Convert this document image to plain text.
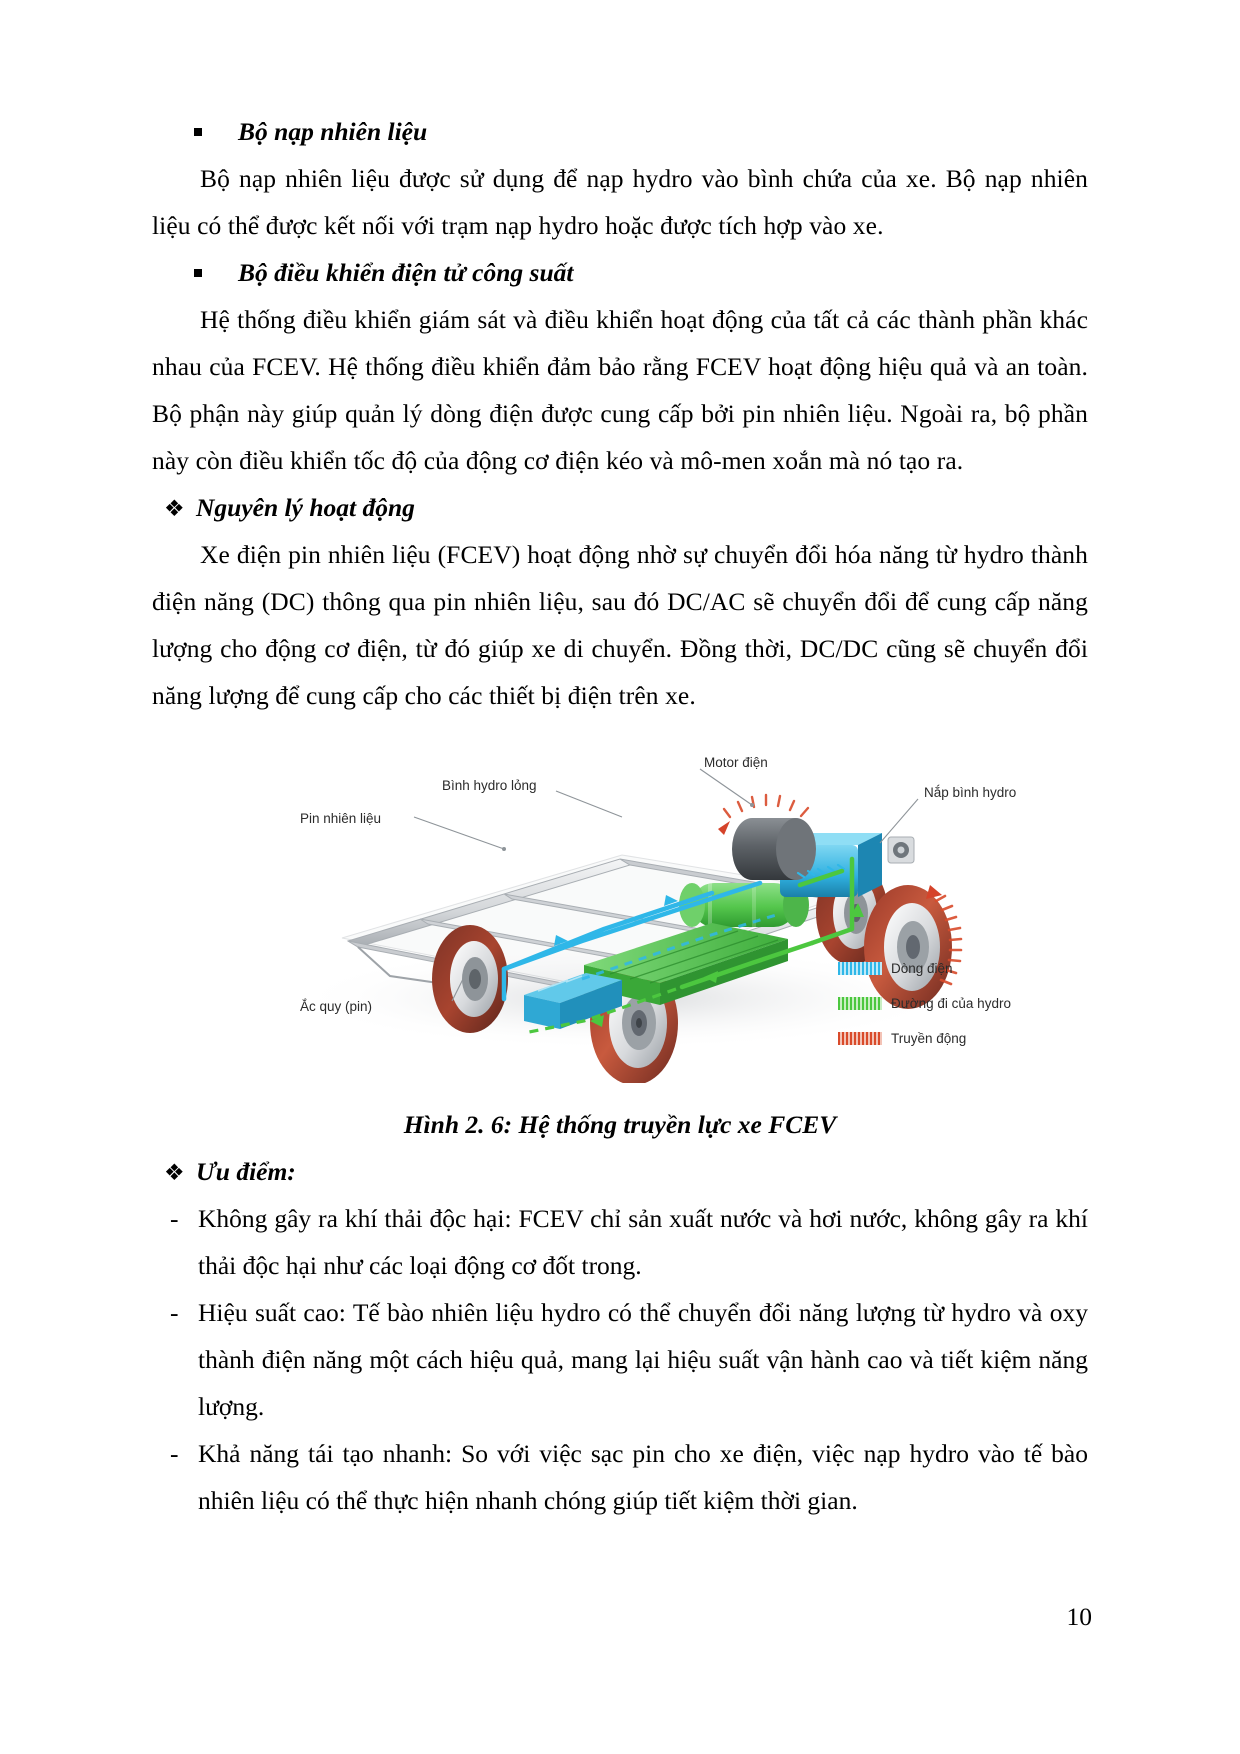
Bộ nạp nhiên liệu

Bộ nạp nhiên liệu được sử dụng để nạp hydro vào bình chứa của xe. Bộ nạp nhiên liệu có thể được kết nối với trạm nạp hydro hoặc được tích hợp vào xe.

Bộ điều khiển điện tử công suất

Hệ thống điều khiển giám sát và điều khiển hoạt động của tất cả các thành phần khác nhau của FCEV. Hệ thống điều khiển đảm bảo rằng FCEV hoạt động hiệu quả và an toàn. Bộ phận này giúp quản lý dòng điện được cung cấp bởi pin nhiên liệu. Ngoài ra, bộ phần này còn điều khiển tốc độ của động cơ điện kéo và mô-men xoắn mà nó tạo ra.

❖ Nguyên lý hoạt động

Xe điện pin nhiên liệu (FCEV) hoạt động nhờ sự chuyển đổi hóa năng từ hydro thành điện năng (DC) thông qua pin nhiên liệu, sau đó DC/AC sẽ chuyển đổi để cung cấp năng lượng cho động cơ điện, từ đó giúp xe di chuyển. Đồng thời, DC/DC cũng sẽ chuyển đổi năng lượng để cung cấp cho các thiết bị điện trên xe.

Motor điện
Nắp bình hydro
Bình hydro lỏng
Pin nhiên liệu
Ắc quy (pin)
Dòng điện
Đường đi của hydro
Truyền động
Hình 2. 6: Hệ thống truyền lực xe FCEV
❖ Ưu điểm:
- Không gây ra khí thải độc hại: FCEV chỉ sản xuất nước và hơi nước, không gây ra khí thải độc hại như các loại động cơ đốt trong.
- Hiệu suất cao: Tế bào nhiên liệu hydro có thể chuyển đổi năng lượng từ hydro và oxy thành điện năng một cách hiệu quả, mang lại hiệu suất vận hành cao và tiết kiệm năng lượng.
- Khả năng tái tạo nhanh: So với việc sạc pin cho xe điện, việc nạp hydro vào tế bào nhiên liệu có thể thực hiện nhanh chóng giúp tiết kiệm thời gian.
10
